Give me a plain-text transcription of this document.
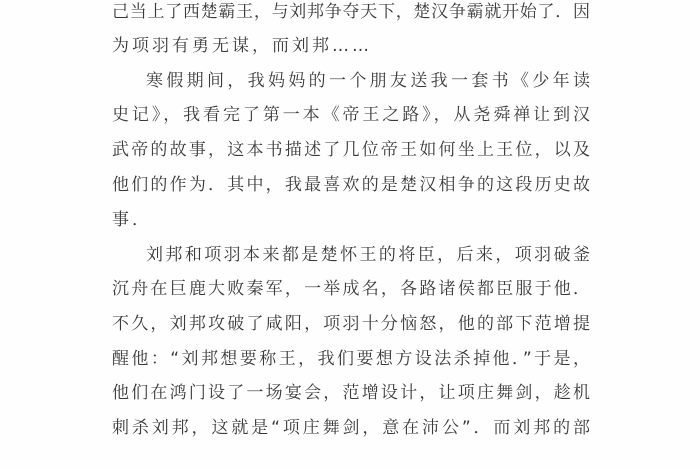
己当上了西楚霸王，与刘邦争夺天下，楚汉争霸就开始了．因
为项羽有勇无谋，而刘邦……
寒假期间，我妈妈的一个朋友送我一套书《少年读
史记》，我看完了第一本《帝王之路》，从尧舜禅让到汉
武帝的故事，这本书描述了几位帝王如何坐上王位，以及
他们的作为．其中，我最喜欢的是楚汉相争的这段历史故
事．
刘邦和项羽本来都是楚怀王的将臣，后来，项羽破釜
沉舟在巨鹿大败秦军，一举成名，各路诸侯都臣服于他．
不久，刘邦攻破了咸阳，项羽十分恼怒，他的部下范增提
醒他：“刘邦想要称王，我们要想方设法杀掉他．”于是，
他们在鸿门设了一场宴会，范增设计，让项庄舞剑，趁机
刺杀刘邦，这就是“项庄舞剑，意在沛公”．而刘邦的部
